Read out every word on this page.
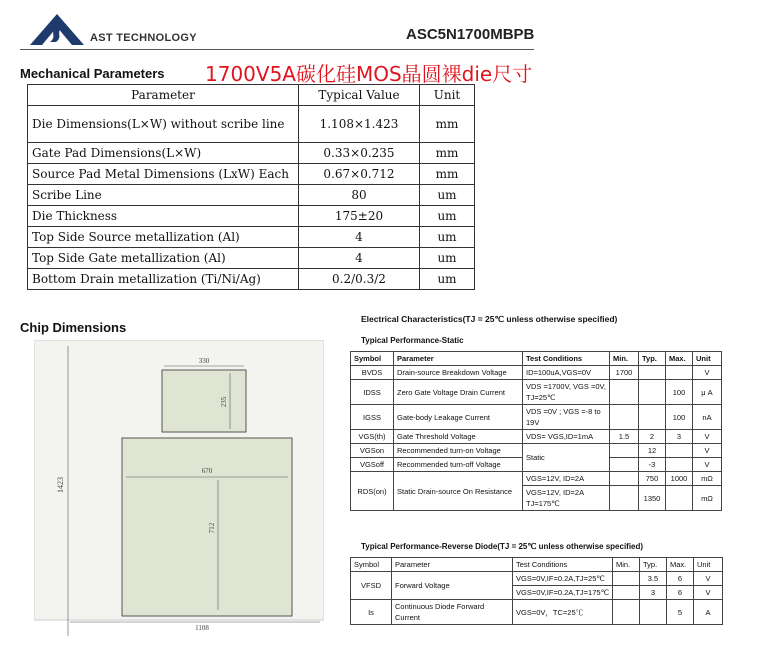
AST TECHNOLOGY	ASC5N1700MBPB
Mechanical Parameters 1700V5A碳化硅MOS晶圆裸die尺寸
Parameter	Typical Value	Unit
Die Dimensions(L×W) without scribe line	1.108×1.423	mm
Gate Pad Dimensions(L×W)	0.33×0.235	mm
Source Pad Metal Dimensions (LxW) Each	0.67×0.712	mm
Scribe Line	80	um
Die Thickness	175±20	um
Top Side Source metallization (Al)	4	um
Top Side Gate metallization (Al)	4	um
Bottom Drain metallization (Ti/Ni/Ag)	0.2/0.3/2	um
Chip Dimensions
330
235
670
712
1423
1108
Electrical Characteristics(TJ = 25℃ unless otherwise specified)
Typical Performance-Static
Symbol	Parameter	Test Conditions	Min.	Typ.	Max.	Unit
BVDS	Drain-source Breakdown Voltage	ID=100uA,VGS=0V	1700			V
IDSS	Zero Gate Voltage Drain Current	VDS =1700V, VGS =0V, TJ=25℃			100	μ A
IGSS	Gate-body Leakage Current	VDS =0V ; VGS =-8 to 19V			100	nA
VGS(th)	Gate Threshold Voltage	VDS= VGS,ID=1mA	1.5	2	3	V
VGSon	Recommended turn-on Voltage	Static		12		V
VGSoff	Recommended turn-off Voltage			-3		V
RDS(on)	Static Drain-source On Resistance	VGS=12V, ID=2A		750	1000	mΩ
		VGS=12V, ID=2A TJ=175℃		1350		mΩ
Typical Performance-Reverse Diode(TJ = 25℃ unless otherwise specified)
Symbol	Parameter	Test Conditions	Min.	Typ.	Max.	Unit
VFSD	Forward Voltage	VGS=0V,IF=0.2A,TJ=25℃		3.5	6	V
		VGS=0V,IF=0.2A,TJ=175℃		3	6	V
Is	Continuous Diode Forward Current	VGS=0V，TC=25℃			5	A
